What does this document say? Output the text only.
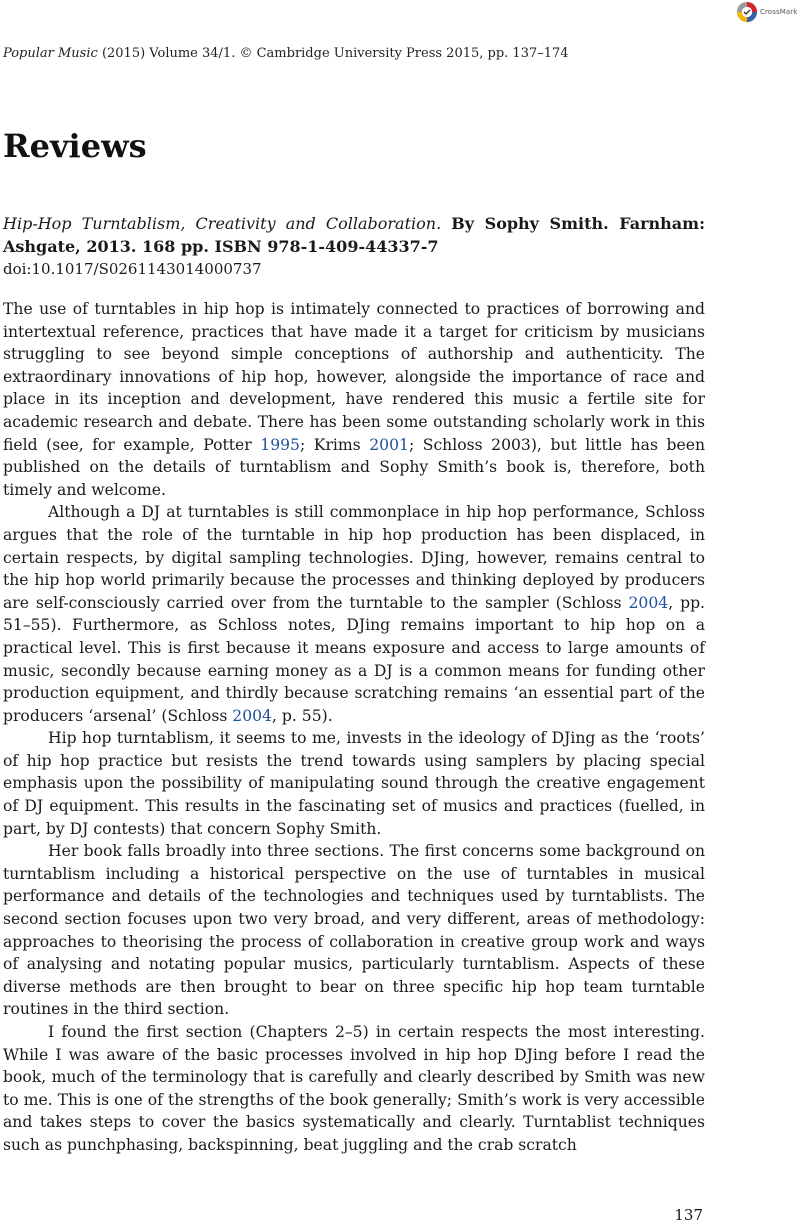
CrossMark
Popular Music (2015) Volume 34/1. © Cambridge University Press 2015, pp. 137–174
Reviews
Hip-Hop Turntablism, Creativity and Collaboration. By Sophy Smith. Farnham: Ashgate, 2013. 168 pp. ISBN 978-1-409-44337-7
doi:10.1017/S0261143014000737

The use of turntables in hip hop is intimately connected to practices of borrowing and intertextual reference, practices that have made it a target for criticism by musicians struggling to see beyond simple conceptions of authorship and authenticity. The extraordinary innovations of hip hop, however, alongside the importance of race and place in its inception and development, have rendered this music a fertile site for academic research and debate. There has been some outstanding scholarly work in this field (see, for example, Potter 1995; Krims 2001; Schloss 2003), but little has been published on the details of turntablism and Sophy Smith’s book is, therefore, both timely and welcome.

Although a DJ at turntables is still commonplace in hip hop performance, Schloss argues that the role of the turntable in hip hop production has been displaced, in certain respects, by digital sampling technologies. DJing, however, remains central to the hip hop world primarily because the processes and thinking deployed by producers are self-consciously carried over from the turntable to the sampler (Schloss 2004, pp. 51–55). Furthermore, as Schloss notes, DJing remains important to hip hop on a practical level. This is first because it means exposure and access to large amounts of music, secondly because earning money as a DJ is a common means for funding other production equipment, and thirdly because scratching remains ‘an essential part of the producers ‘arsenal’ (Schloss 2004, p. 55).

Hip hop turntablism, it seems to me, invests in the ideology of DJing as the ‘roots’ of hip hop practice but resists the trend towards using samplers by placing special emphasis upon the possibility of manipulating sound through the creative engagement of DJ equipment. This results in the fascinating set of musics and practices (fuelled, in part, by DJ contests) that concern Sophy Smith.

Her book falls broadly into three sections. The first concerns some background on turntablism including a historical perspective on the use of turntables in musical performance and details of the technologies and techniques used by turntablists. The second section focuses upon two very broad, and very different, areas of methodology: approaches to theorising the process of collaboration in creative group work and ways of analysing and notating popular musics, particularly turntablism. Aspects of these diverse methods are then brought to bear on three specific hip hop team turntable routines in the third section.

I found the first section (Chapters 2–5) in certain respects the most interesting. While I was aware of the basic processes involved in hip hop DJing before I read the book, much of the terminology that is carefully and clearly described by Smith was new to me. This is one of the strengths of the book generally; Smith’s work is very accessible and takes steps to cover the basics systematically and clearly. Turntablist techniques such as punchphasing, backspinning, beat juggling and the crab scratch

137
